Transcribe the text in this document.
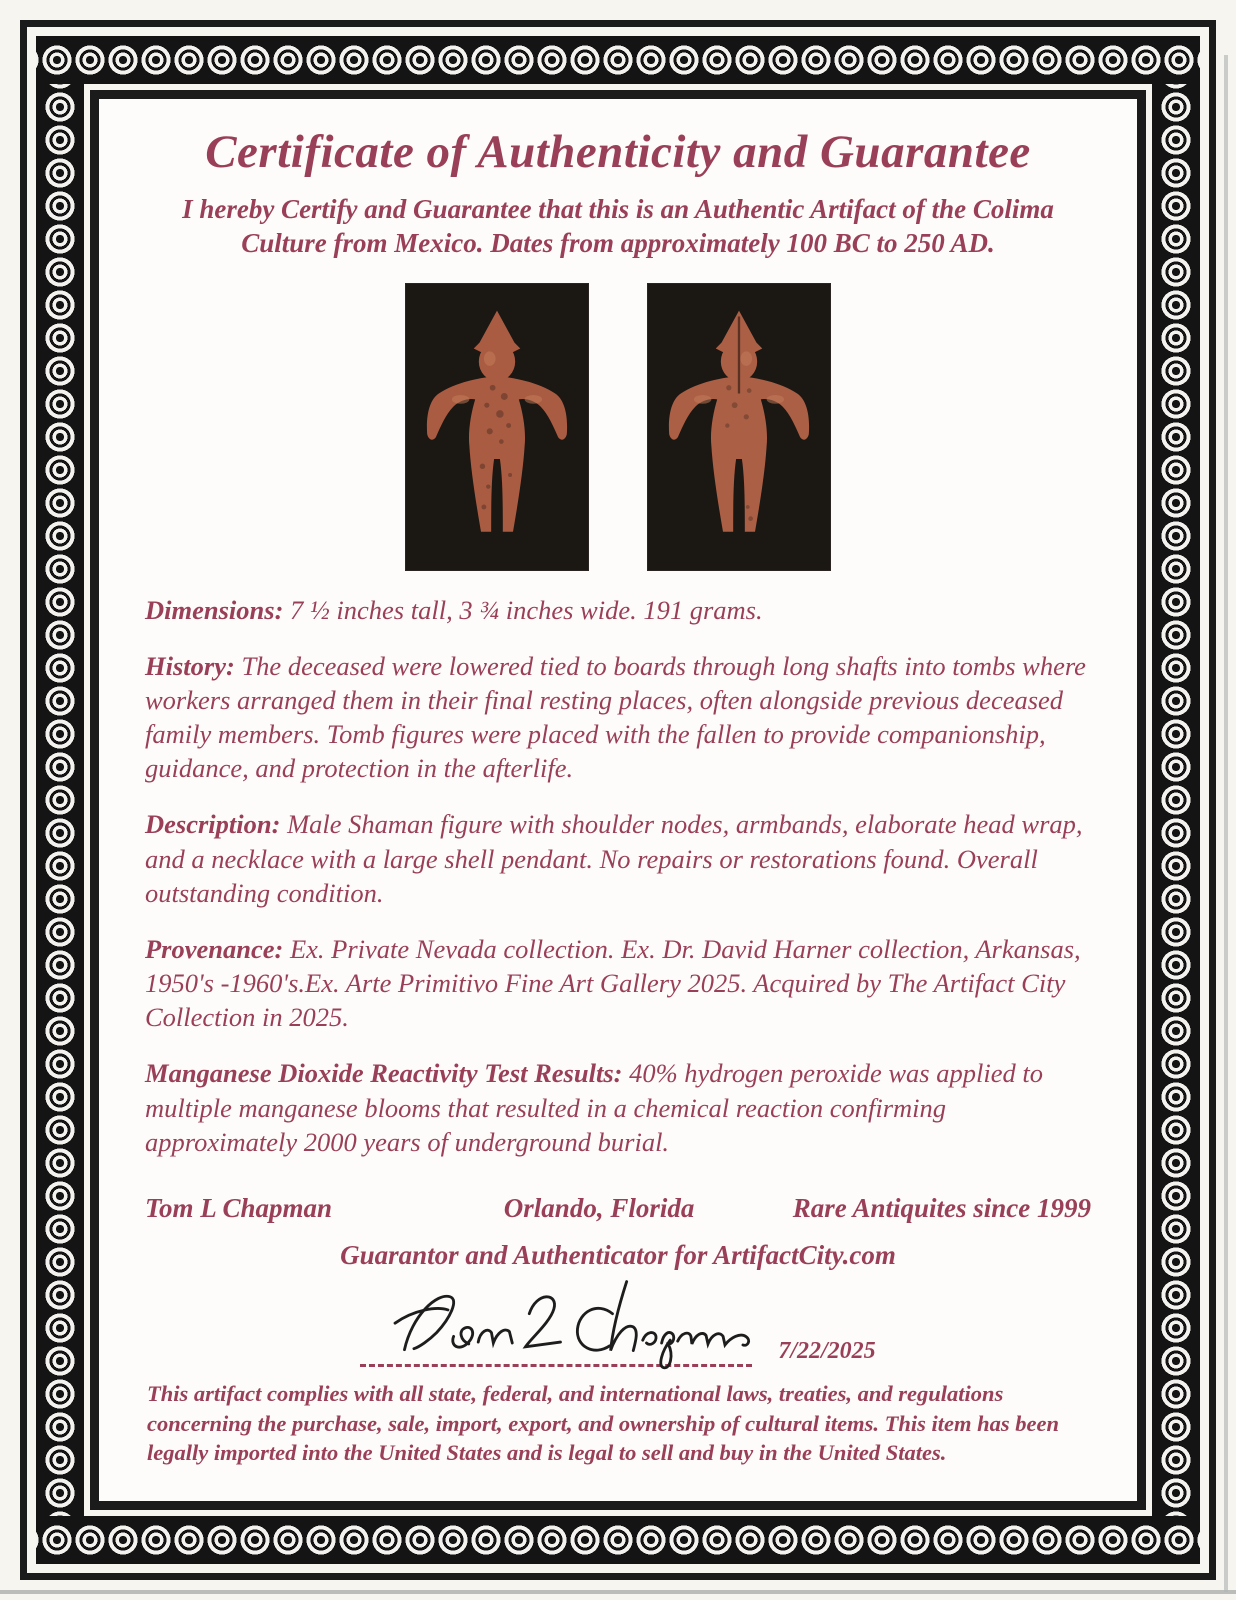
Certificate of Authenticity and Guarantee
I hereby Certify and Guarantee that this is an Authentic Artifact of the Colima Culture from Mexico. Dates from approximately 100 BC to 250 AD.
Dimensions: 7 ½ inches tall, 3 ¾ inches wide. 191 grams.
History: The deceased were lowered tied to boards through long shafts into tombs where workers arranged them in their final resting places, often alongside previous deceased family members. Tomb figures were placed with the fallen to provide companionship, guidance, and protection in the afterlife.
Description: Male Shaman figure with shoulder nodes, armbands, elaborate head wrap, and a necklace with a large shell pendant. No repairs or restorations found. Overall outstanding condition.
Provenance: Ex. Private Nevada collection. Ex. Dr. David Harner collection, Arkansas, 1950's -1960's.Ex. Arte Primitivo Fine Art Gallery 2025. Acquired by The Artifact City Collection in 2025.
Manganese Dioxide Reactivity Test Results: 40% hydrogen peroxide was applied to multiple manganese blooms that resulted in a chemical reaction confirming approximately 2000 years of underground burial.
Tom L Chapman	Orlando, Florida	Rare Antiquites since 1999
Guarantor and Authenticator for ArtifactCity.com
7/22/2025
This artifact complies with all state, federal, and international laws, treaties, and regulations concerning the purchase, sale, import, export, and ownership of cultural items. This item has been legally imported into the United States and is legal to sell and buy in the United States.
